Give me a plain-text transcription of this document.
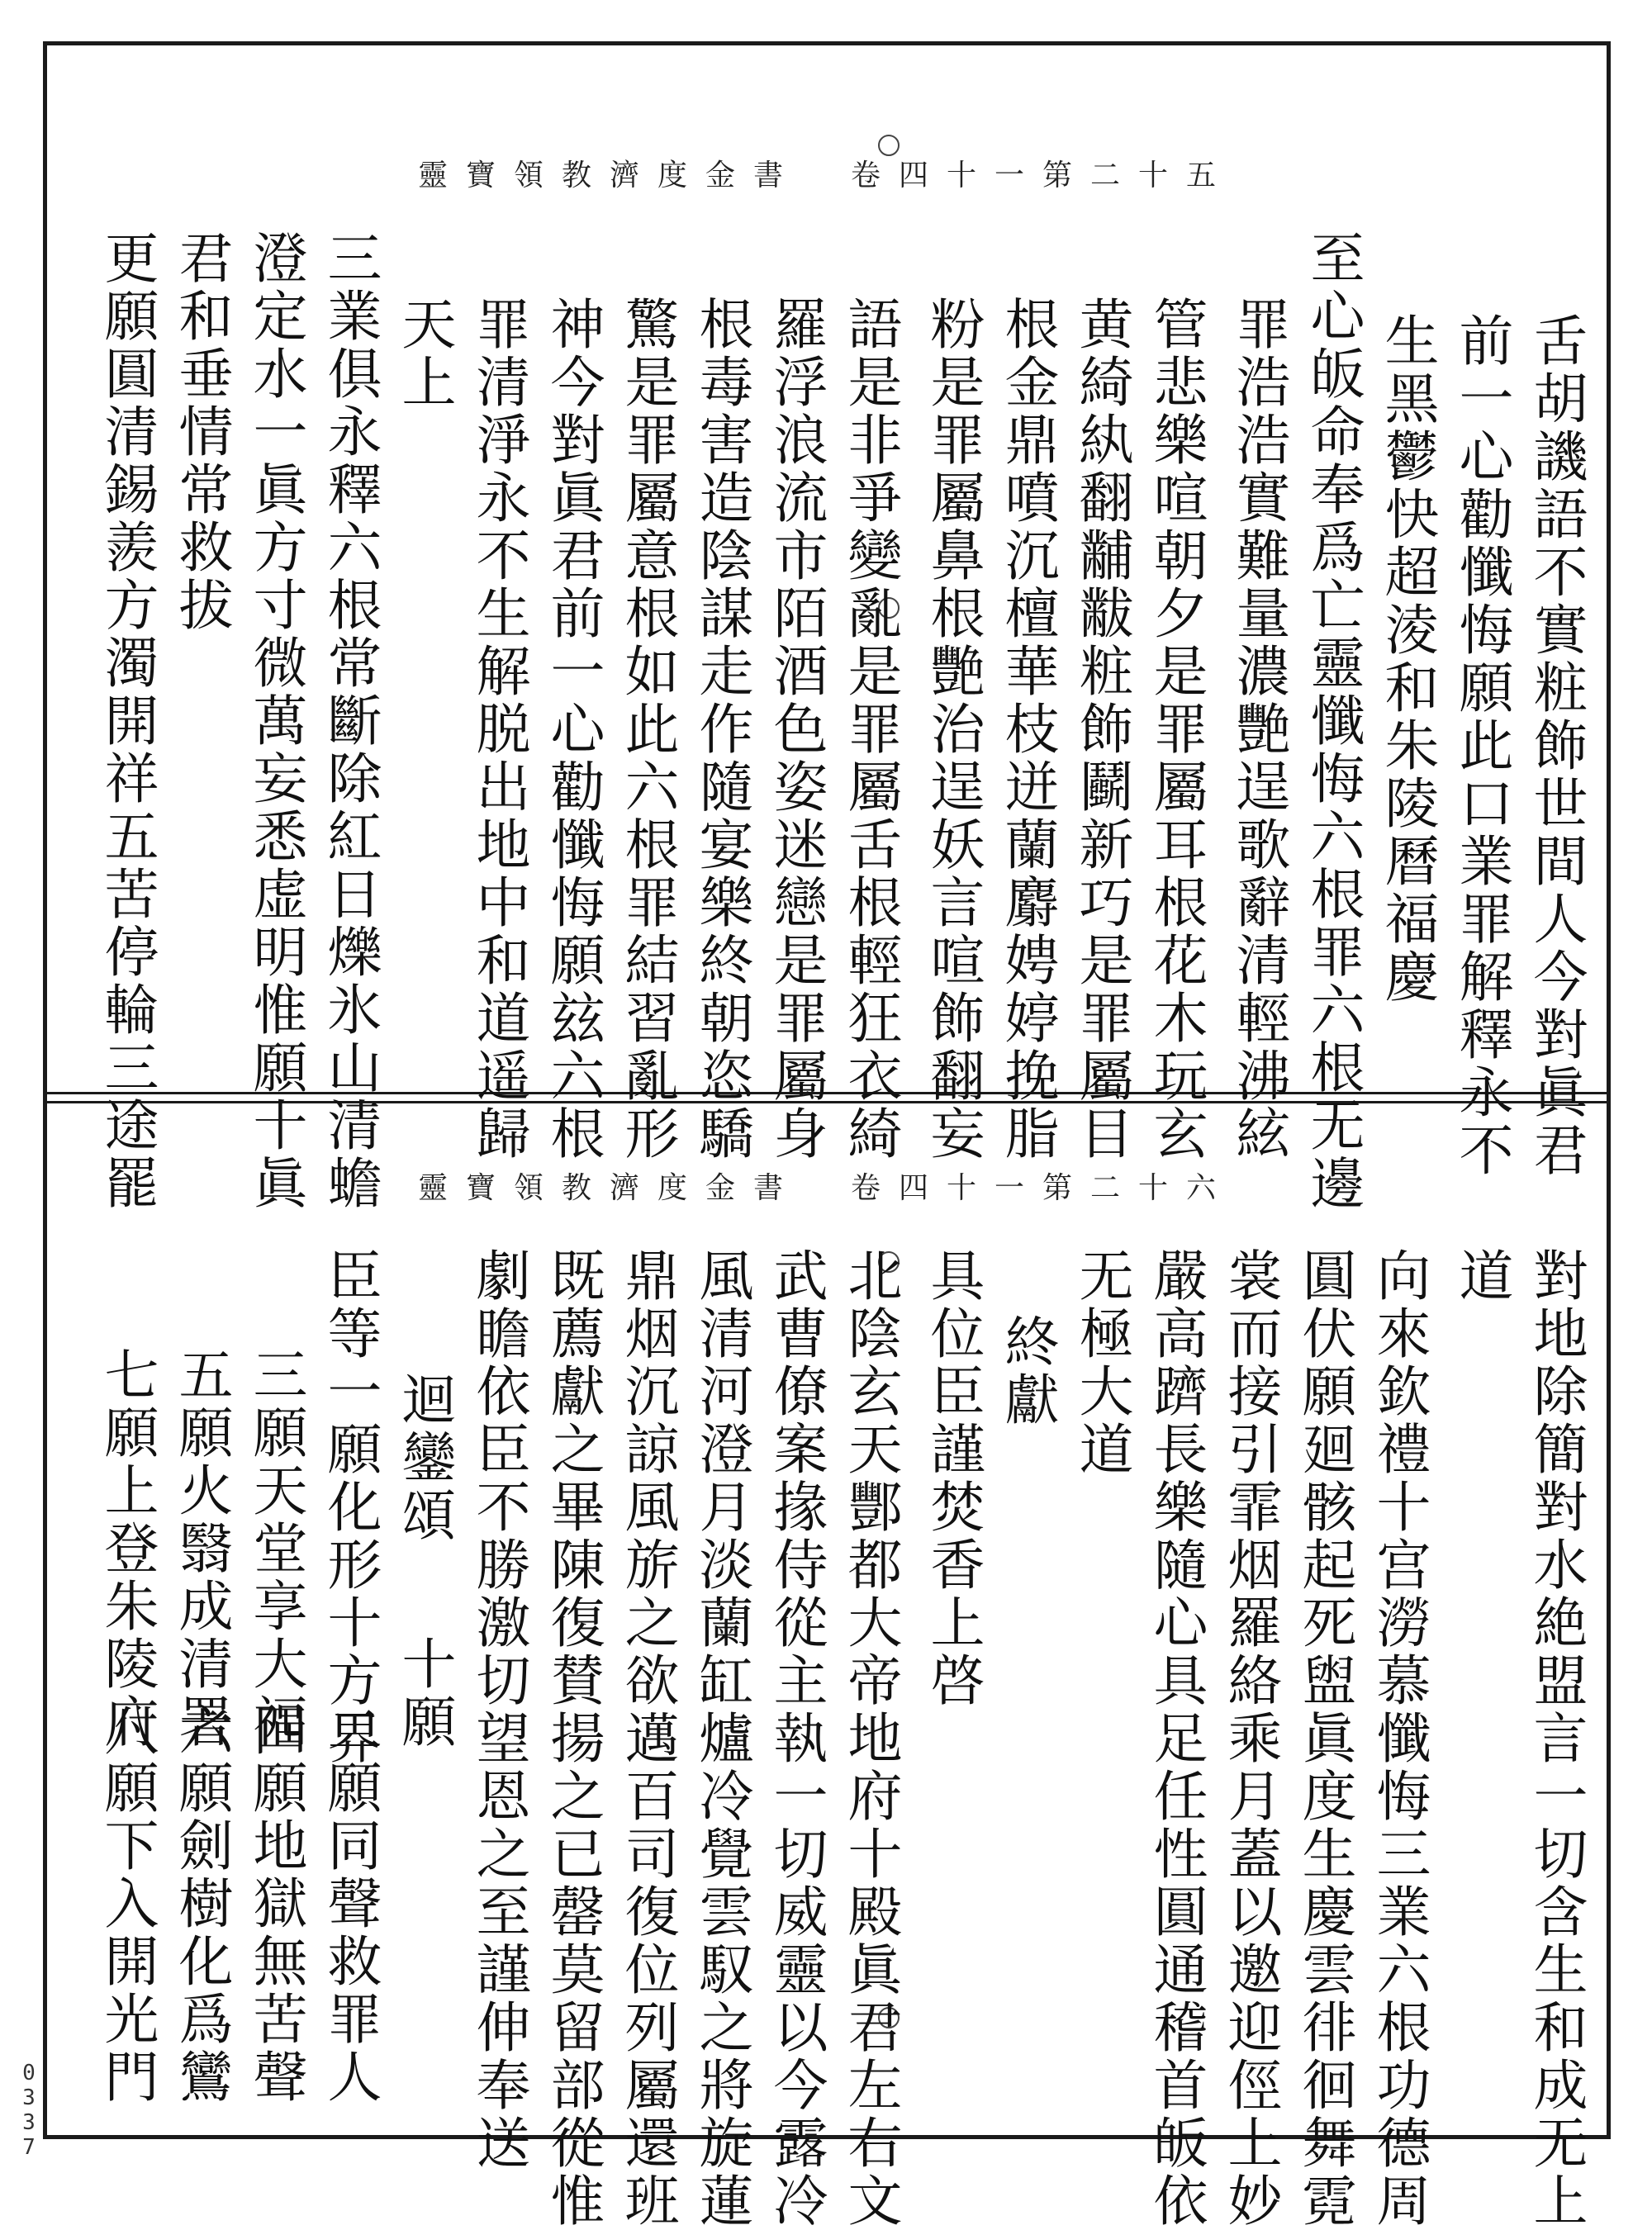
靈寶領教濟度金書 卷四十一第二十五
舌胡譏語不實粧飾世間人今對眞君
前一心勸懺悔願此口業罪解釋永不
生黑鬱快超淩和朱陵曆福慶
至心皈命奉爲亡靈懺悔六根罪六根无邊
罪浩浩實難量濃艷逞歌辭清輕沸絃
管悲樂喧朝夕是罪屬耳根花木玩玄
黄綺紈翻黼黻粧飾鬬新巧是罪屬目
根金鼎噴沉檀華枝迸蘭麝娉婷挽脂
粉是罪屬鼻根艷治逞妖言喧飾翻妄
語是非爭變亂是罪屬舌根輕狂衣綺
羅浮浪流市陌酒色姿迷戀是罪屬身
根毒害造陰謀走作隨宴樂終朝恣驕
驚是罪屬意根如此六根罪結習亂形
神今對眞君前一心勸懺悔願玆六根
罪清淨永不生解脱出地中和道遥歸
天上
三業俱永釋六根常斷除紅日爍氷山清蟾
澄定水一眞方寸微萬妄悉虚明惟願十眞
君和垂情常救拔
更願圓清錫羨方濁開祥五苦停輪三途罷	靈寶領教濟度金書 卷四十一第二十六
對地除簡對水絶盟言一切含生和成无上
道
向來欽禮十宫澇慕懺悔三業六根功德周
圓伏願廻骸起死盥眞度生慶雲徘徊舞霓
裳而接引霏烟羅絡乘月蓋以邀迎俓上妙
嚴高躋長樂隨心具足任性圓通稽首皈依
无極大道
終獻
具位臣謹焚香上啓
北陰玄天酆都大帝地府十殿眞君左右文
武曹僚案掾侍從主執一切威靈以今露冷
風清河澄月淡蘭缸爐冷覺雲馭之將旋蓮
鼎烟沉諒風旂之欲邁百司復位列屬還班
既薦獻之畢陳復賛揚之已罄莫留部從惟
劇瞻依臣不勝激切望恩之至謹伸奉送
迴鑾頌
十願
臣等一願化形十方界
二願同聲救罪人
三願天堂享大福
四願地獄無苦聲
五願火翳成清署
六願劍樹化爲鸞
七願上登朱陵府
八願下入開光門
0337
